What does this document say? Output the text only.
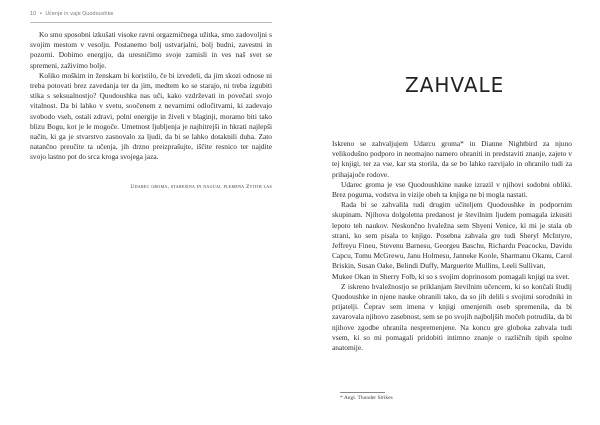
10 • Učenje in vaje Quodoushke

Ko smo sposobni izkušati visoke ravni orgazmičnega užitka, smo zadovoljni s svojim mestom v vesolju. Postanemo bolj ustvarjalni, bolj budni, zavestni in pozorni. Dobimo energijo, da uresničimo svoje zamisli in ves naš svet se spremeni, zaživimo bolje.

Koliko moškim in ženskam bi koristilo, če bi izvedeli, da jim skozi odnose ni treba potovati brez zavedanja ter da jim, medtem ko se starajo, ni treba izgubiti stika s seksualnostjo? Quodoushka nas uči, kako vzdrževati in povečati svojo vitalnost. Da bi lahko v svetu, soočenem z nevarnimi odločitvami, ki zadevajo svobodo vseh, ostali zdravi, polni energije in živeli v blaginji, moramo biti tako blizu Bogu, kot je le mogoče. Umetnost ljubljenja je najhitrejši in hkrati najlepši način, ki ga je stvarstvo zasnovalo za ljudi, da bi se lahko dotaknili duha. Zato natančno preučite ta učenja, jih drzno preizprašujte, iščite resnico ter najdite svojo lastno pot do srca kroga svojega jaza.

Udarec groma, starešina in nagual plemena Zvitih las
ZAHVALE

Iskreno se zahvaljujem Udarcu groma* in Dianne Nightbird za njuno velikodušno podporo in neomajno namero ohraniti in predstaviti znanje, zajeto v tej knjigi, ter za vse, kar sta storila, da se bo lahko razvijalo in ohranilo tudi za prihajajoče rodove.

Udarec groma je vse Quodoushkine nauke izrazil v njihovi sodobni obliki. Brez poguma, vodstva in vizije obeh ta knjiga ne bi mogla nastati.

Rada bi se zahvalila tudi drugim učiteljem Quodoushke in podpornim skupinam. Njihova dolgoletna predanost je številnim ljudem pomagala izkusiti lepoto teh naukov. Neskončno hvaležna sem Shyeni Venice, ki mi je stala ob strani, ko sem pisala to knjigo. Posebna zahvala gre tudi Sheryl McIntyre, Jeffreyu Fineu, Stevenu Barnesu, Georgeu Baschu, Richardu Peacocku, Davidu Capcu, Tomu McGrewu, Janu Holmesu, Janneke Koole, Sharmanu Okanu, Carol Briskin, Susan Oake, Belindi Duffy, Marguerite Mullins, Leeli Sullivan,

Mukee Okan in Sherry Folb, ki so s svojim doprinosom pomagali knjigi na svet.

Z iskreno hvaležnostjo se priklanjam številnim učencem, ki so končali študij Quodoushke in njene nauke ohranili tako, da so jih delili s svojimi sorodniki in prijatelji. Čeprav sem imena v knjigi omenjenih oseb spremenila, da bi zavarovala njihovo zasebnost, sem se po svojih najboljših močeh potrudila, da bi njihove zgodbe ohranila nespremenjene. Na koncu gre globoka zahvala tudi vsem, ki so mi pomagali pridobiti intimno znanje o različnih tipih spolne anatomije.

* Angl. Thunder Strikes
